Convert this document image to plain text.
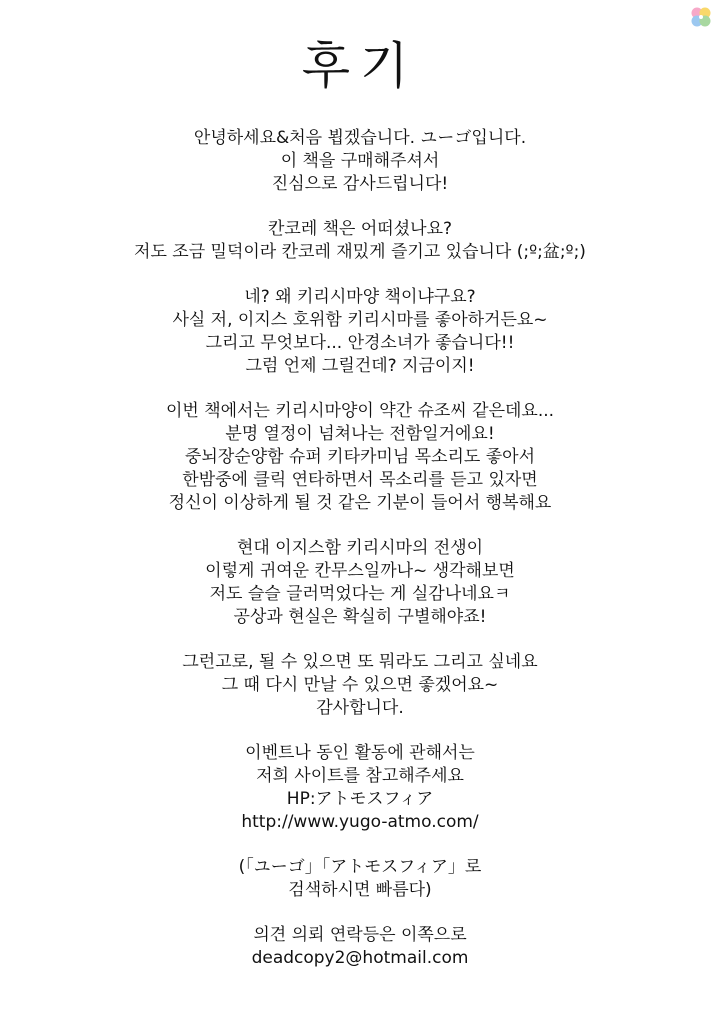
후기
안녕하세요&처음 뵙겠습니다. ユーゴ입니다.
이 책을 구매해주셔서
진심으로 감사드립니다!
칸코레 책은 어떠셨나요?
저도 조금 밀덕이라 칸코레 재밌게 즐기고 있습니다 (;º;盆;º;)
네? 왜 키리시마양 책이냐구요?
사실 저, 이지스 호위함 키리시마를 좋아하거든요~
그리고 무엇보다... 안경소녀가 좋습니다!!
그럼 언제 그릴건데? 지금이지!
이번 책에서는 키리시마양이 약간 슈조씨 같은데요...
분명 열정이 넘쳐나는 전함일거에요!
중뇌장순양함 슈퍼 키타카미님 목소리도 좋아서
한밤중에 클릭 연타하면서 목소리를 듣고 있자면
정신이 이상하게 될 것 같은 기분이 들어서 행복해요
현대 이지스함 키리시마의 전생이
이렇게 귀여운 칸무스일까나~ 생각해보면
저도 슬슬 글러먹었다는 게 실감나네요ㅋ
공상과 현실은 확실히 구별해야죠!
그런고로, 될 수 있으면 또 뭐라도 그리고 싶네요
그 때 다시 만날 수 있으면 좋겠어요~
감사합니다.
이벤트나 동인 활동에 관해서는
저희 사이트를 참고해주세요
HP:アトモスフィア
http://www.yugo-atmo.com/
(「ユーゴ」「アトモスフィア」로
검색하시면 빠름다)
의견 의뢰 연락등은 이쪽으로
deadcopy2@hotmail.com
